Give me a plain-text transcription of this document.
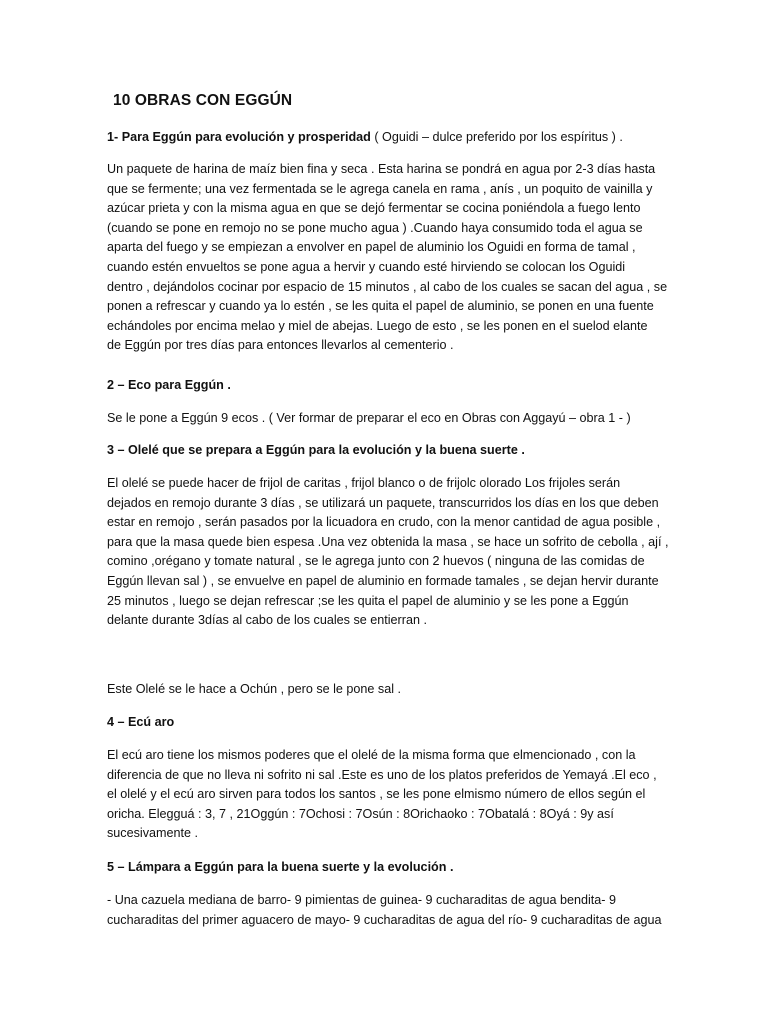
10 OBRAS CON EGGÚN

1- Para Eggún para evolución y prosperidad ( Oguidi – dulce preferido por los espíritus ) .

Un paquete de harina de maíz bien fina y seca . Esta harina se pondrá en agua por 2-3 días hasta
que se fermente; una vez fermentada se le agrega canela en rama , anís , un poquito de vainilla y
azúcar prieta y con la misma agua en que se dejó fermentar se cocina poniéndola a fuego lento
(cuando se pone en remojo no se pone mucho agua ) .Cuando haya consumido toda el agua se
aparta del fuego y se empiezan a envolver en papel de aluminio los Oguidi en forma de tamal ,
cuando estén envueltos se pone agua a hervir y cuando esté hirviendo se colocan los Oguidi
dentro , dejándolos cocinar por espacio de 15 minutos , al cabo de los cuales se sacan del agua , se
ponen a refrescar y cuando ya lo estén , se les quita el papel de aluminio, se ponen en una fuente
echándoles por encima melao y miel de abejas. Luego de esto , se les ponen en el suelod elante
de Eggún por tres días para entonces llevarlos al cementerio .

2 – Eco para Eggún .

Se le pone a Eggún 9 ecos . ( Ver formar de preparar el eco en Obras con Aggayú – obra 1 - )

3 – Olelé que se prepara a Eggún para la evolución y la buena suerte .

El olelé se puede hacer de frijol de caritas , frijol blanco o de frijolc olorado Los frijoles serán
dejados en remojo durante 3 días , se utilizará un paquete, transcurridos los días en los que deben
estar en remojo , serán pasados por la licuadora en crudo, con la menor cantidad de agua posible ,
para que la masa quede bien espesa .Una vez obtenida la masa , se hace un sofrito de cebolla , ají ,
comino ,orégano y tomate natural , se le agrega junto con 2 huevos ( ninguna de las comidas de
Eggún llevan sal ) , se envuelve en papel de aluminio en formade tamales , se dejan hervir durante
25 minutos , luego se dejan refrescar ;se les quita el papel de aluminio y se les pone a Eggún
delante durante 3días al cabo de los cuales se entierran .

Este Olelé se le hace a Ochún , pero se le pone sal .

4 – Ecú aro

El ecú aro tiene los mismos poderes que el olelé de la misma forma que elmencionado , con la
diferencia de que no lleva ni sofrito ni sal .Este es uno de los platos preferidos de Yemayá .El eco ,
el olelé y el ecú aro sirven para todos los santos , se les pone elmismo número de ellos según el
oricha. Elegguá : 3, 7 , 21Oggún : 7Ochosi : 7Osún : 8Orichaoko : 7Obatalá : 8Oyá : 9y así
sucesivamente .

5 – Lámpara a Eggún para la buena suerte y la evolución .

- Una cazuela mediana de barro- 9 pimientas de guinea- 9 cucharaditas de agua bendita- 9
cucharaditas del primer aguacero de mayo- 9 cucharaditas de agua del río- 9 cucharaditas de agua
